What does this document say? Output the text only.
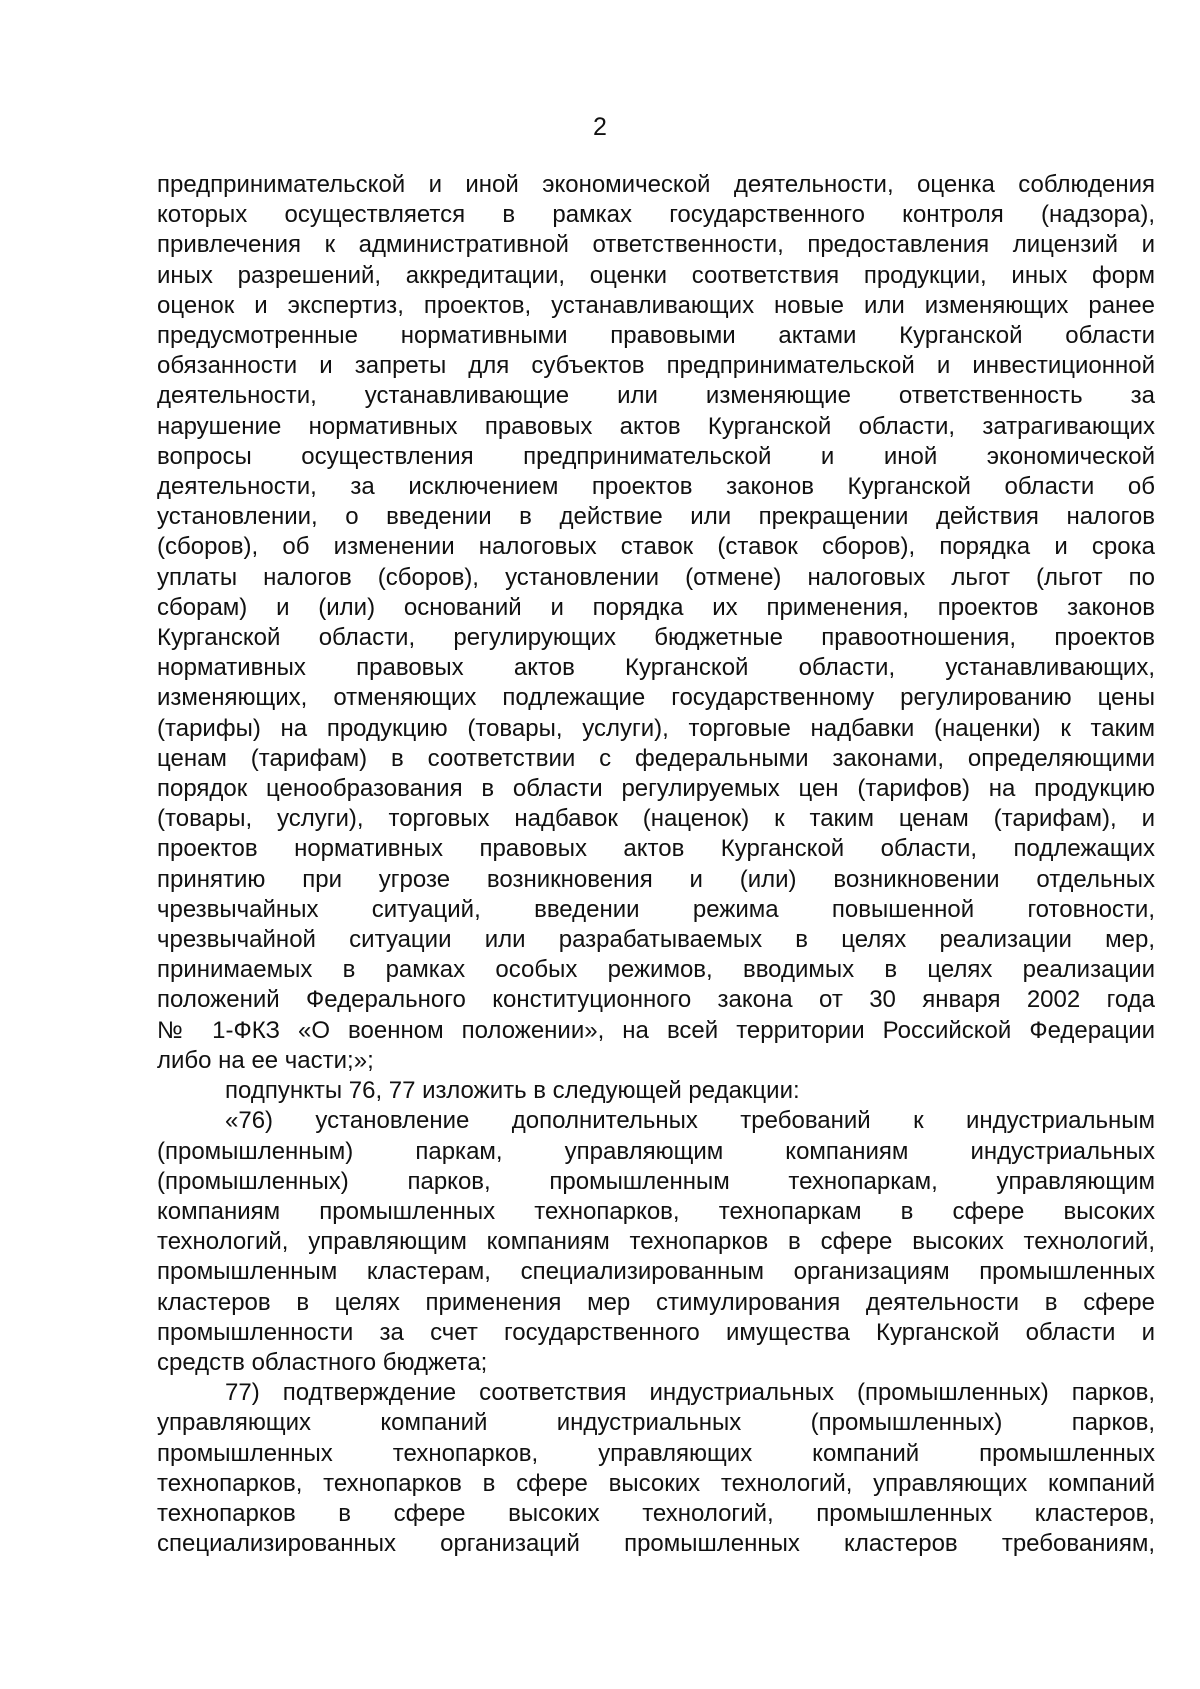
2

предпринимательской и иной экономической деятельности, оценка соблюдения
которых осуществляется в рамках государственного контроля (надзора),
привлечения к административной ответственности, предоставления лицензий и
иных разрешений, аккредитации, оценки соответствия продукции, иных форм
оценок и экспертиз, проектов, устанавливающих новые или изменяющих ранее
предусмотренные нормативными правовыми актами Курганской области
обязанности и запреты для субъектов предпринимательской и инвестиционной
деятельности, устанавливающие или изменяющие ответственность за
нарушение нормативных правовых актов Курганской области, затрагивающих
вопросы осуществления предпринимательской и иной экономической
деятельности, за исключением проектов законов Курганской области об
установлении, о введении в действие или прекращении действия налогов
(сборов), об изменении налоговых ставок (ставок сборов), порядка и срока
уплаты налогов (сборов), установлении (отмене) налоговых льгот (льгот по
сборам) и (или) оснований и порядка их применения, проектов законов
Курганской области, регулирующих бюджетные правоотношения, проектов
нормативных правовых актов Курганской области, устанавливающих,
изменяющих, отменяющих подлежащие государственному регулированию цены
(тарифы) на продукцию (товары, услуги), торговые надбавки (наценки) к таким
ценам (тарифам) в соответствии с федеральными законами, определяющими
порядок ценообразования в области регулируемых цен (тарифов) на продукцию
(товары, услуги), торговых надбавок (наценок) к таким ценам (тарифам), и
проектов нормативных правовых актов Курганской области, подлежащих
принятию при угрозе возникновения и (или) возникновении отдельных
чрезвычайных ситуаций, введении режима повышенной готовности,
чрезвычайной ситуации или разрабатываемых в целях реализации мер,
принимаемых в рамках особых режимов, вводимых в целях реализации
положений Федерального конституционного закона от 30 января 2002 года
№ 1-ФКЗ «О военном положении», на всей территории Российской Федерации
либо на ее части;»;

подпункты 76, 77 изложить в следующей редакции:

«76) установление дополнительных требований к индустриальным
(промышленным) паркам, управляющим компаниям индустриальных
(промышленных) парков, промышленным технопаркам, управляющим
компаниям промышленных технопарков, технопаркам в сфере высоких
технологий, управляющим компаниям технопарков в сфере высоких технологий,
промышленным кластерам, специализированным организациям промышленных
кластеров в целях применения мер стимулирования деятельности в сфере
промышленности за счет государственного имущества Курганской области и
средств областного бюджета;

77) подтверждение соответствия индустриальных (промышленных) парков,
управляющих компаний индустриальных (промышленных) парков,
промышленных технопарков, управляющих компаний промышленных
технопарков, технопарков в сфере высоких технологий, управляющих компаний
технопарков в сфере высоких технологий, промышленных кластеров,
специализированных организаций промышленных кластеров требованиям,
